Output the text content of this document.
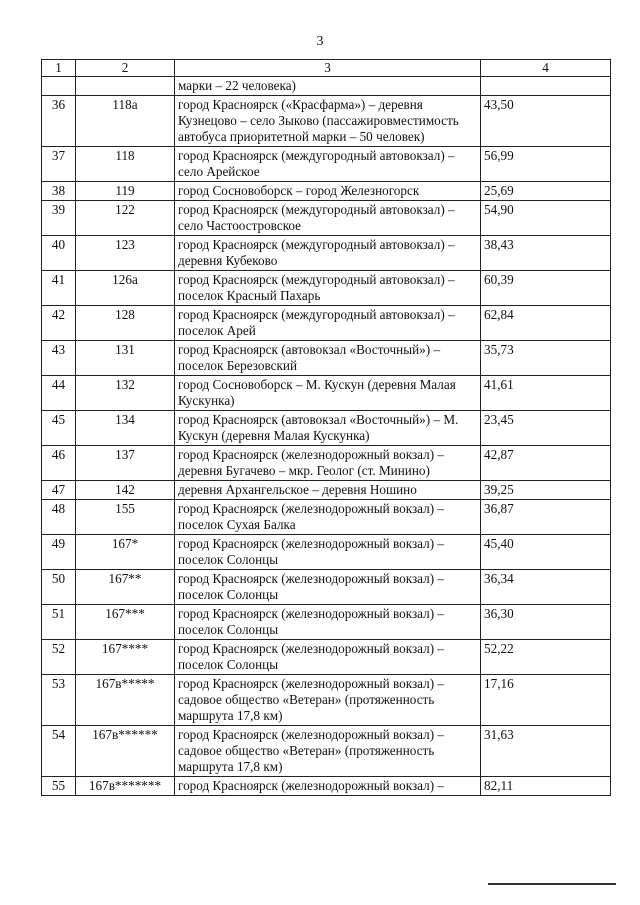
3
1	2	3	4
		марки – 22 человека)	
36	118а	город Красноярск («Красфарма») – деревня Кузнецово – село Зыково (пассажировместимость автобуса приоритетной марки – 50 человек)	43,50
37	118	город Красноярск (междугородный автовокзал) – село Арейское	56,99
38	119	город Сосновоборск – город Железногорск	25,69
39	122	город Красноярск (междугородный автовокзал) – село Частоостровское	54,90
40	123	город Красноярск (междугородный автовокзал) – деревня Кубеково	38,43
41	126а	город Красноярск (междугородный автовокзал) – поселок Красный Пахарь	60,39
42	128	город Красноярск (междугородный автовокзал) – поселок Арей	62,84
43	131	город Красноярск (автовокзал «Восточный») – поселок Березовский	35,73
44	132	город Сосновоборск – М. Кускун (деревня Малая Кускунка)	41,61
45	134	город Красноярск (автовокзал «Восточный») – М. Кускун (деревня Малая Кускунка)	23,45
46	137	город Красноярск (железнодорожный вокзал) – деревня Бугачево – мкр. Геолог (ст. Минино)	42,87
47	142	деревня Архангельское – деревня Ношино	39,25
48	155	город Красноярск (железнодорожный вокзал) – поселок Сухая Балка	36,87
49	167*	город Красноярск (железнодорожный вокзал) – поселок Солонцы	45,40
50	167**	город Красноярск (железнодорожный вокзал) – поселок Солонцы	36,34
51	167***	город Красноярск (железнодорожный вокзал) – поселок Солонцы	36,30
52	167****	город Красноярск (железнодорожный вокзал) – поселок Солонцы	52,22
53	167в*****	город Красноярск (железнодорожный вокзал) – садовое общество «Ветеран» (протяженность маршрута 17,8 км)	17,16
54	167в******	город Красноярск (железнодорожный вокзал) – садовое общество «Ветеран» (протяженность маршрута 17,8 км)	31,63
55	167в*******	город Красноярск (железнодорожный вокзал) –	82,11
